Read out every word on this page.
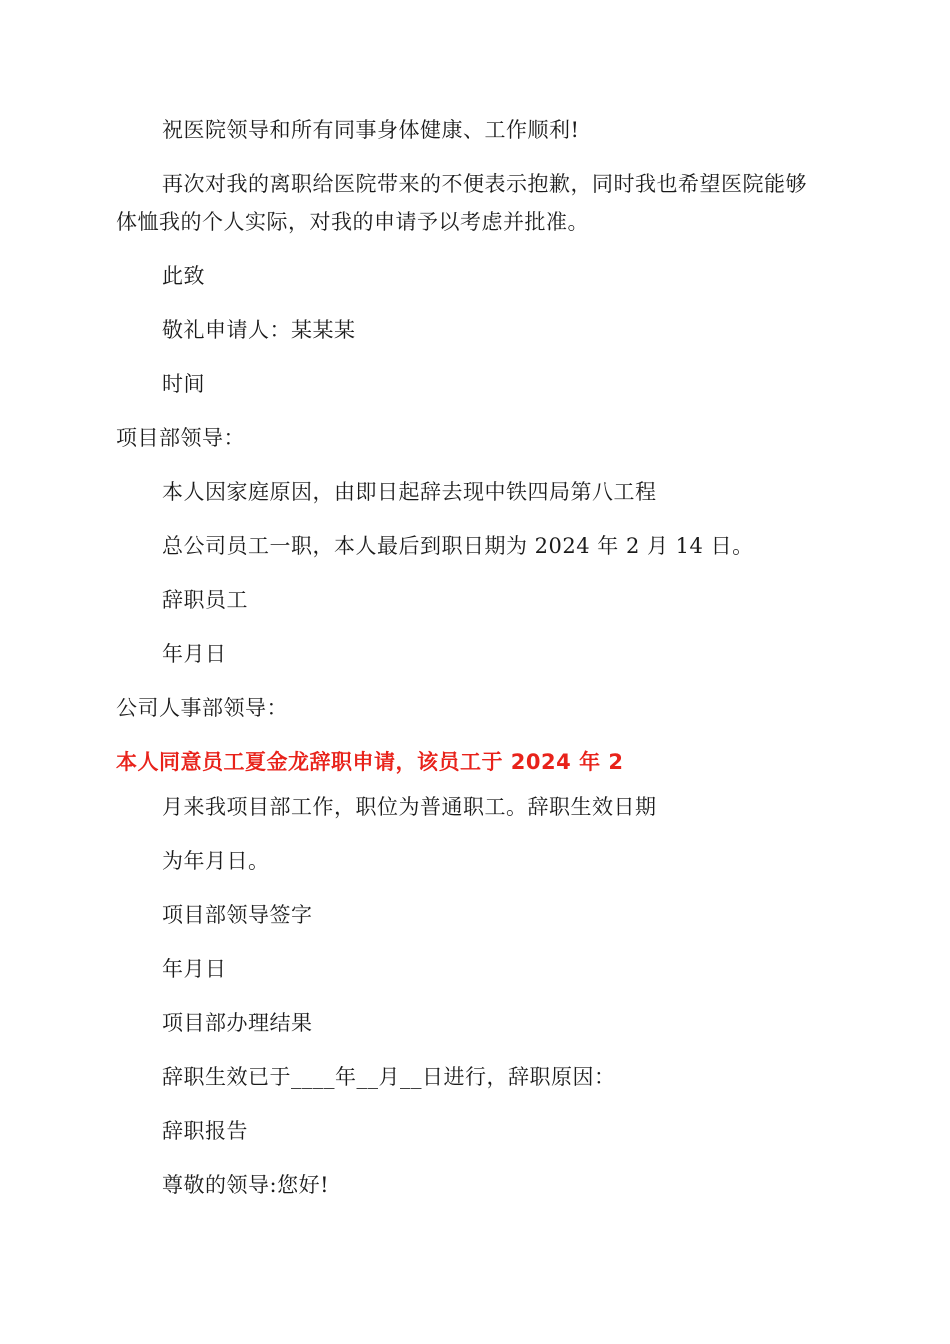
祝医院领导和所有同事身体健康、工作顺利!
再次对我的离职给医院带来的不便表示抱歉，同时我也希望医院能够
体恤我的个人实际，对我的申请予以考虑并批准。
此致
敬礼申请人：某某某
时间
项目部领导：
本人因家庭原因，由即日起辞去现中铁四局第八工程
总公司员工一职，本人最后到职日期为 2024 年 2 月 14 日。
辞职员工
年月日
公司人事部领导：
本人同意员工夏金龙辞职申请，该员工于 2024 年 2
月来我项目部工作，职位为普通职工。辞职生效日期
为年月日。
项目部领导签字
年月日
项目部办理结果
辞职生效已于____年__月__日进行，辞职原因：
辞职报告
尊敬的领导:您好!
